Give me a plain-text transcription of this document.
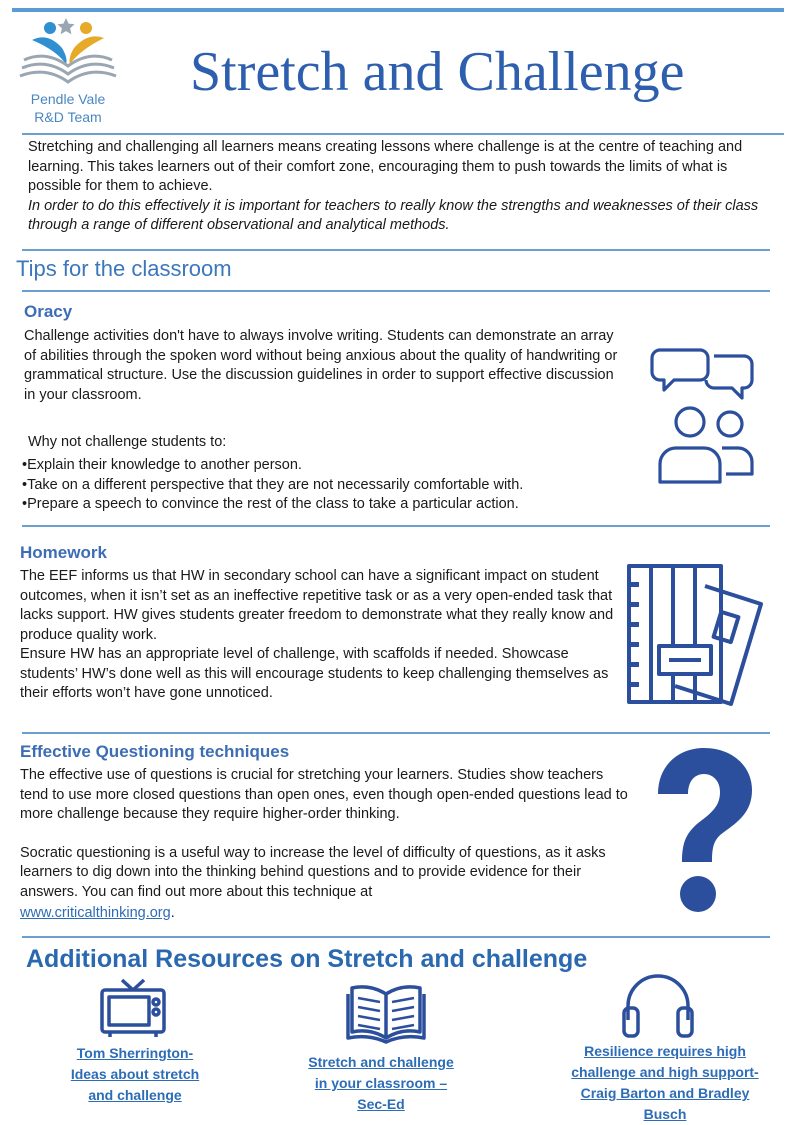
Pendle Vale
R&D Team
Stretch and Challenge
Stretching and challenging all learners means creating lessons where challenge is at the centre of teaching and learning. This takes learners out of their comfort zone, encouraging them to push towards the limits of what is possible for them to achieve.
In order to do this effectively it is important for teachers to really know the strengths and weaknesses of their class through a range of different observational and analytical methods.
Tips for the classroom
Oracy
Challenge activities don't have to always involve writing. Students can demonstrate an array of abilities through the spoken word without being anxious about the quality of handwriting or grammatical structure. Use the discussion guidelines in order to support effective discussion in your classroom.
Why not challenge students to:
• Explain their knowledge to another person.
• Take on a different perspective that they are not necessarily comfortable with.
• Prepare a speech to convince the rest of the class to take a particular action.
Homework
The EEF informs us that HW in secondary school can have a significant impact on student outcomes, when it isn’t set as an ineffective repetitive task or as a very open-ended task that lacks support. HW gives students greater freedom to demonstrate what they really know and produce quality work.
Ensure HW has an appropriate level of challenge, with scaffolds if needed. Showcase students’ HW’s done well as this will encourage students to keep challenging themselves as their efforts won’t have gone unnoticed.
Effective Questioning techniques
The effective use of questions is crucial for stretching your learners. Studies show teachers tend to use more closed questions than open ones, even though open-ended questions lead to more challenge because they require higher-order thinking.
Socratic questioning is a useful way to increase the level of difficulty of questions, as it asks learners to dig down into the thinking behind questions and to provide evidence for their answers. You can find out more about this technique at
www.criticalthinking.org.
Additional Resources on Stretch and challenge
Tom Sherrington-
Ideas about stretch
and challenge
Stretch and challenge
in your classroom –
Sec-Ed
Resilience requires high
challenge and high support-
Craig Barton and Bradley
Busch
